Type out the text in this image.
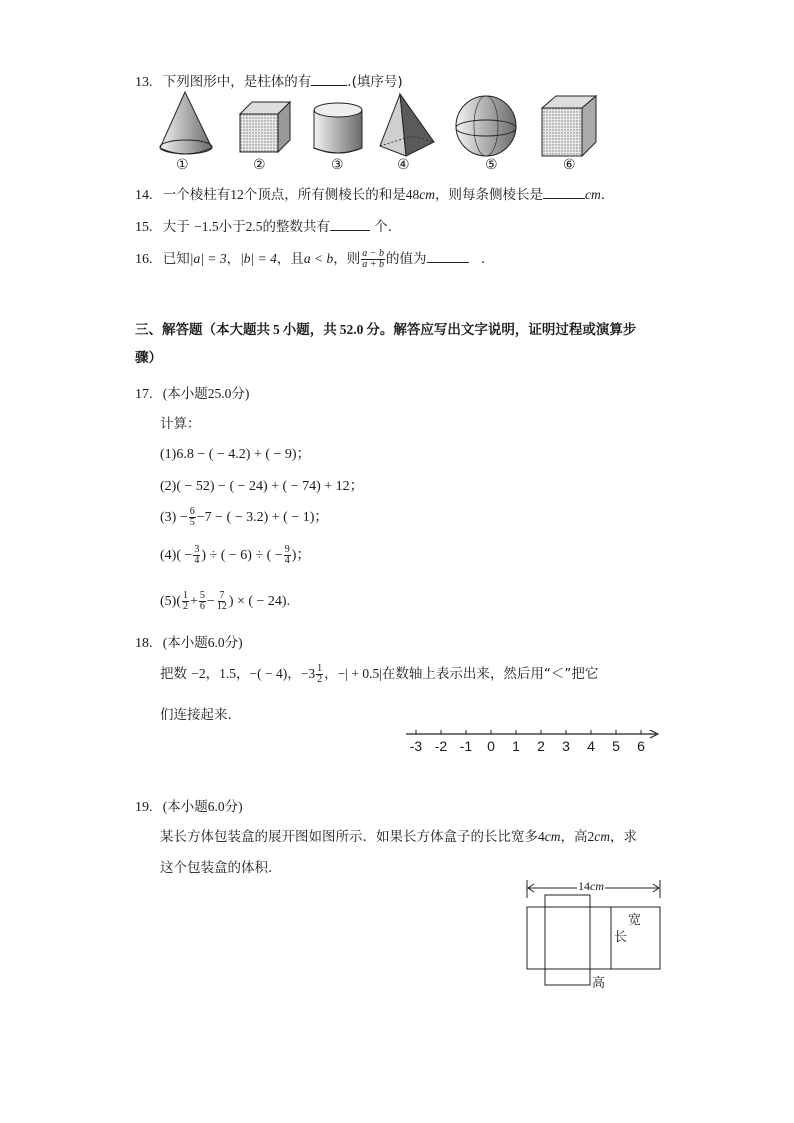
13. 下列图形中，是柱体的有	.(填序号)
①	②	③	④	⑤	⑥
14. 一个棱柱有12个顶点，所有侧棱长的和是48cm，则每条侧棱长是	cm.
15. 大于 −1.5小于2.5的整数共有	个.
16. 已知|a| = 3，|b| = 4，且a < b，则 $\frac{a - b}{a + b}$ 的值为	.
三、解答题（本大题共 5 小题，共 52.0 分。解答应写出文字说明，证明过程或演算步
骤）
17. (本小题25.0分)
计算：
(1)6.8 − ( − 4.2) + ( − 9)；
(2)( − 52) − ( − 24) + ( − 74) + 12；
$(3) - \frac{6}{5} -7$ − ( − 3.2) + ( − 1)；
$(4)( - \frac{3}{4}$ ) ÷ ( − 6) ÷ ( − $\frac{9}{4}$ )；
$(5)( \frac{1}{2} + \frac{5}{6} - \frac{7}{12}$ ) × ( − 24).
18. (本小题6.0分)
把数 −2，1.5，−( − 4)，$-3 \frac{1}{2}$ ，−| + 0.5|在数轴上表示出来，然后用“＜”把它
们连接起来.
-3 -2 -1 0 1 2 3 4 5 6
19. (本小题6.0分)
某长方体包装盒的展开图如图所示．如果长方体盒子的长比宽多4cm，高2cm，求
这个包装盒的体积.
14cm
宽
长
高
